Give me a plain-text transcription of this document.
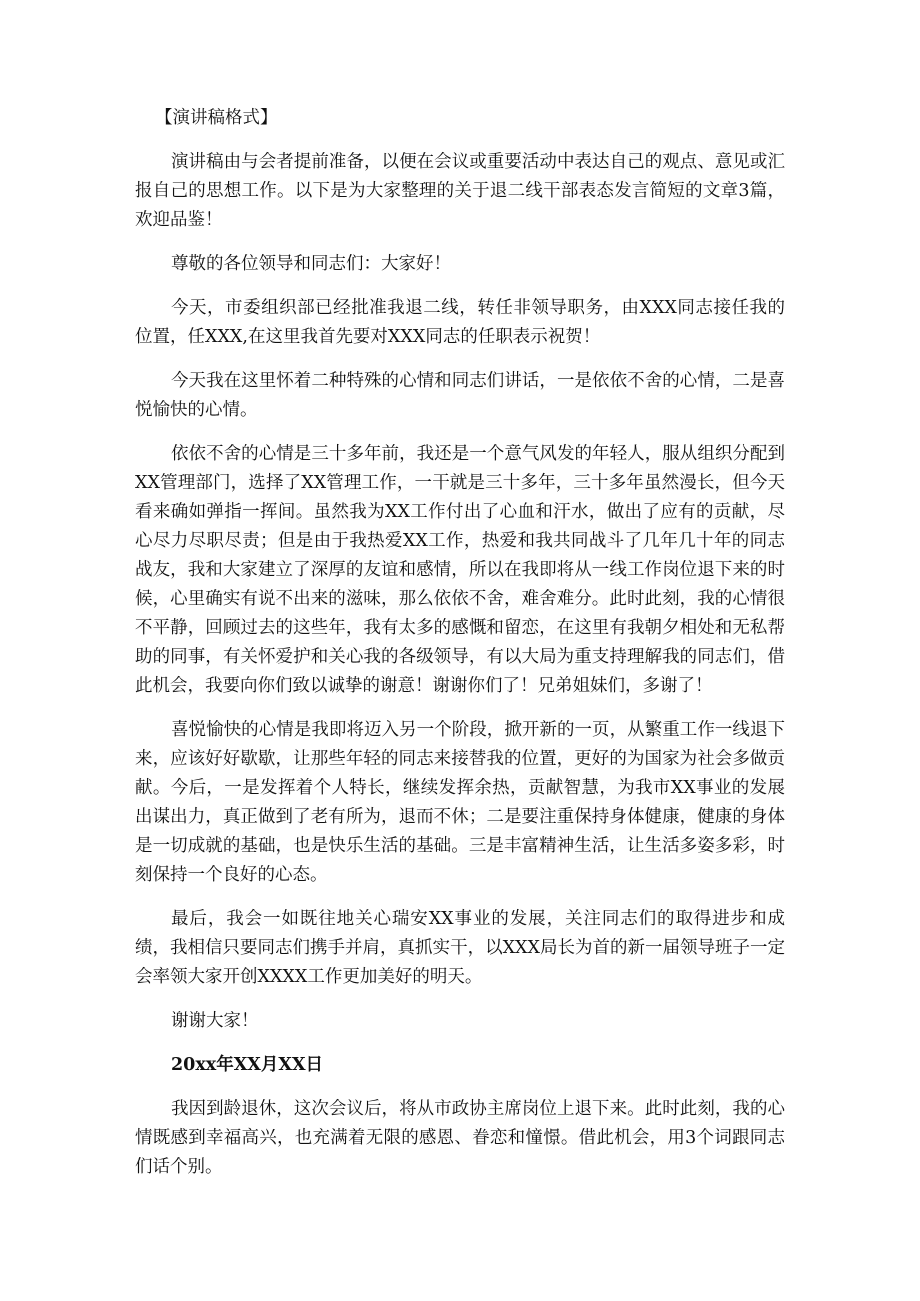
【演讲稿格式】

演讲稿由与会者提前准备，以便在会议或重要活动中表达自己的观点、意见或汇报自己的思想工作。以下是为大家整理的关于退二线干部表态发言简短的文章3篇，欢迎品鉴！

尊敬的各位领导和同志们：大家好！

今天，市委组织部已经批准我退二线，转任非领导职务，由XXX同志接任我的位置，任XXX,在这里我首先要对XXX同志的任职表示祝贺！

今天我在这里怀着二种特殊的心情和同志们讲话，一是依依不舍的心情，二是喜悦愉快的心情。

依依不舍的心情是三十多年前，我还是一个意气风发的年轻人，服从组织分配到XX管理部门，选择了XX管理工作，一干就是三十多年，三十多年虽然漫长，但今天看来确如弹指一挥间。虽然我为XX工作付出了心血和汗水，做出了应有的贡献，尽心尽力尽职尽责；但是由于我热爱XX工作，热爱和我共同战斗了几年几十年的同志战友，我和大家建立了深厚的友谊和感情，所以在我即将从一线工作岗位退下来的时候，心里确实有说不出来的滋味，那么依依不舍，难舍难分。此时此刻，我的心情很不平静，回顾过去的这些年，我有太多的感慨和留恋，在这里有我朝夕相处和无私帮助的同事，有关怀爱护和关心我的各级领导，有以大局为重支持理解我的同志们，借此机会，我要向你们致以诚挚的谢意！谢谢你们了！兄弟姐妹们，多谢了！

喜悦愉快的心情是我即将迈入另一个阶段，掀开新的一页，从繁重工作一线退下来，应该好好歇歇，让那些年轻的同志来接替我的位置，更好的为国家为社会多做贡献。今后，一是发挥着个人特长，继续发挥余热，贡献智慧，为我市XX事业的发展出谋出力，真正做到了老有所为，退而不休；二是要注重保持身体健康，健康的身体是一切成就的基础，也是快乐生活的基础。三是丰富精神生活，让生活多姿多彩，时刻保持一个良好的心态。

最后，我会一如既往地关心瑞安XX事业的发展，关注同志们的取得进步和成绩，我相信只要同志们携手并肩，真抓实干，以XXX局长为首的新一届领导班子一定会率领大家开创XXXX工作更加美好的明天。

谢谢大家！

20xx年XX月XX日

我因到龄退休，这次会议后，将从市政协主席岗位上退下来。此时此刻，我的心情既感到幸福高兴，也充满着无限的感恩、眷恋和憧憬。借此机会，用3个词跟同志们话个别。
